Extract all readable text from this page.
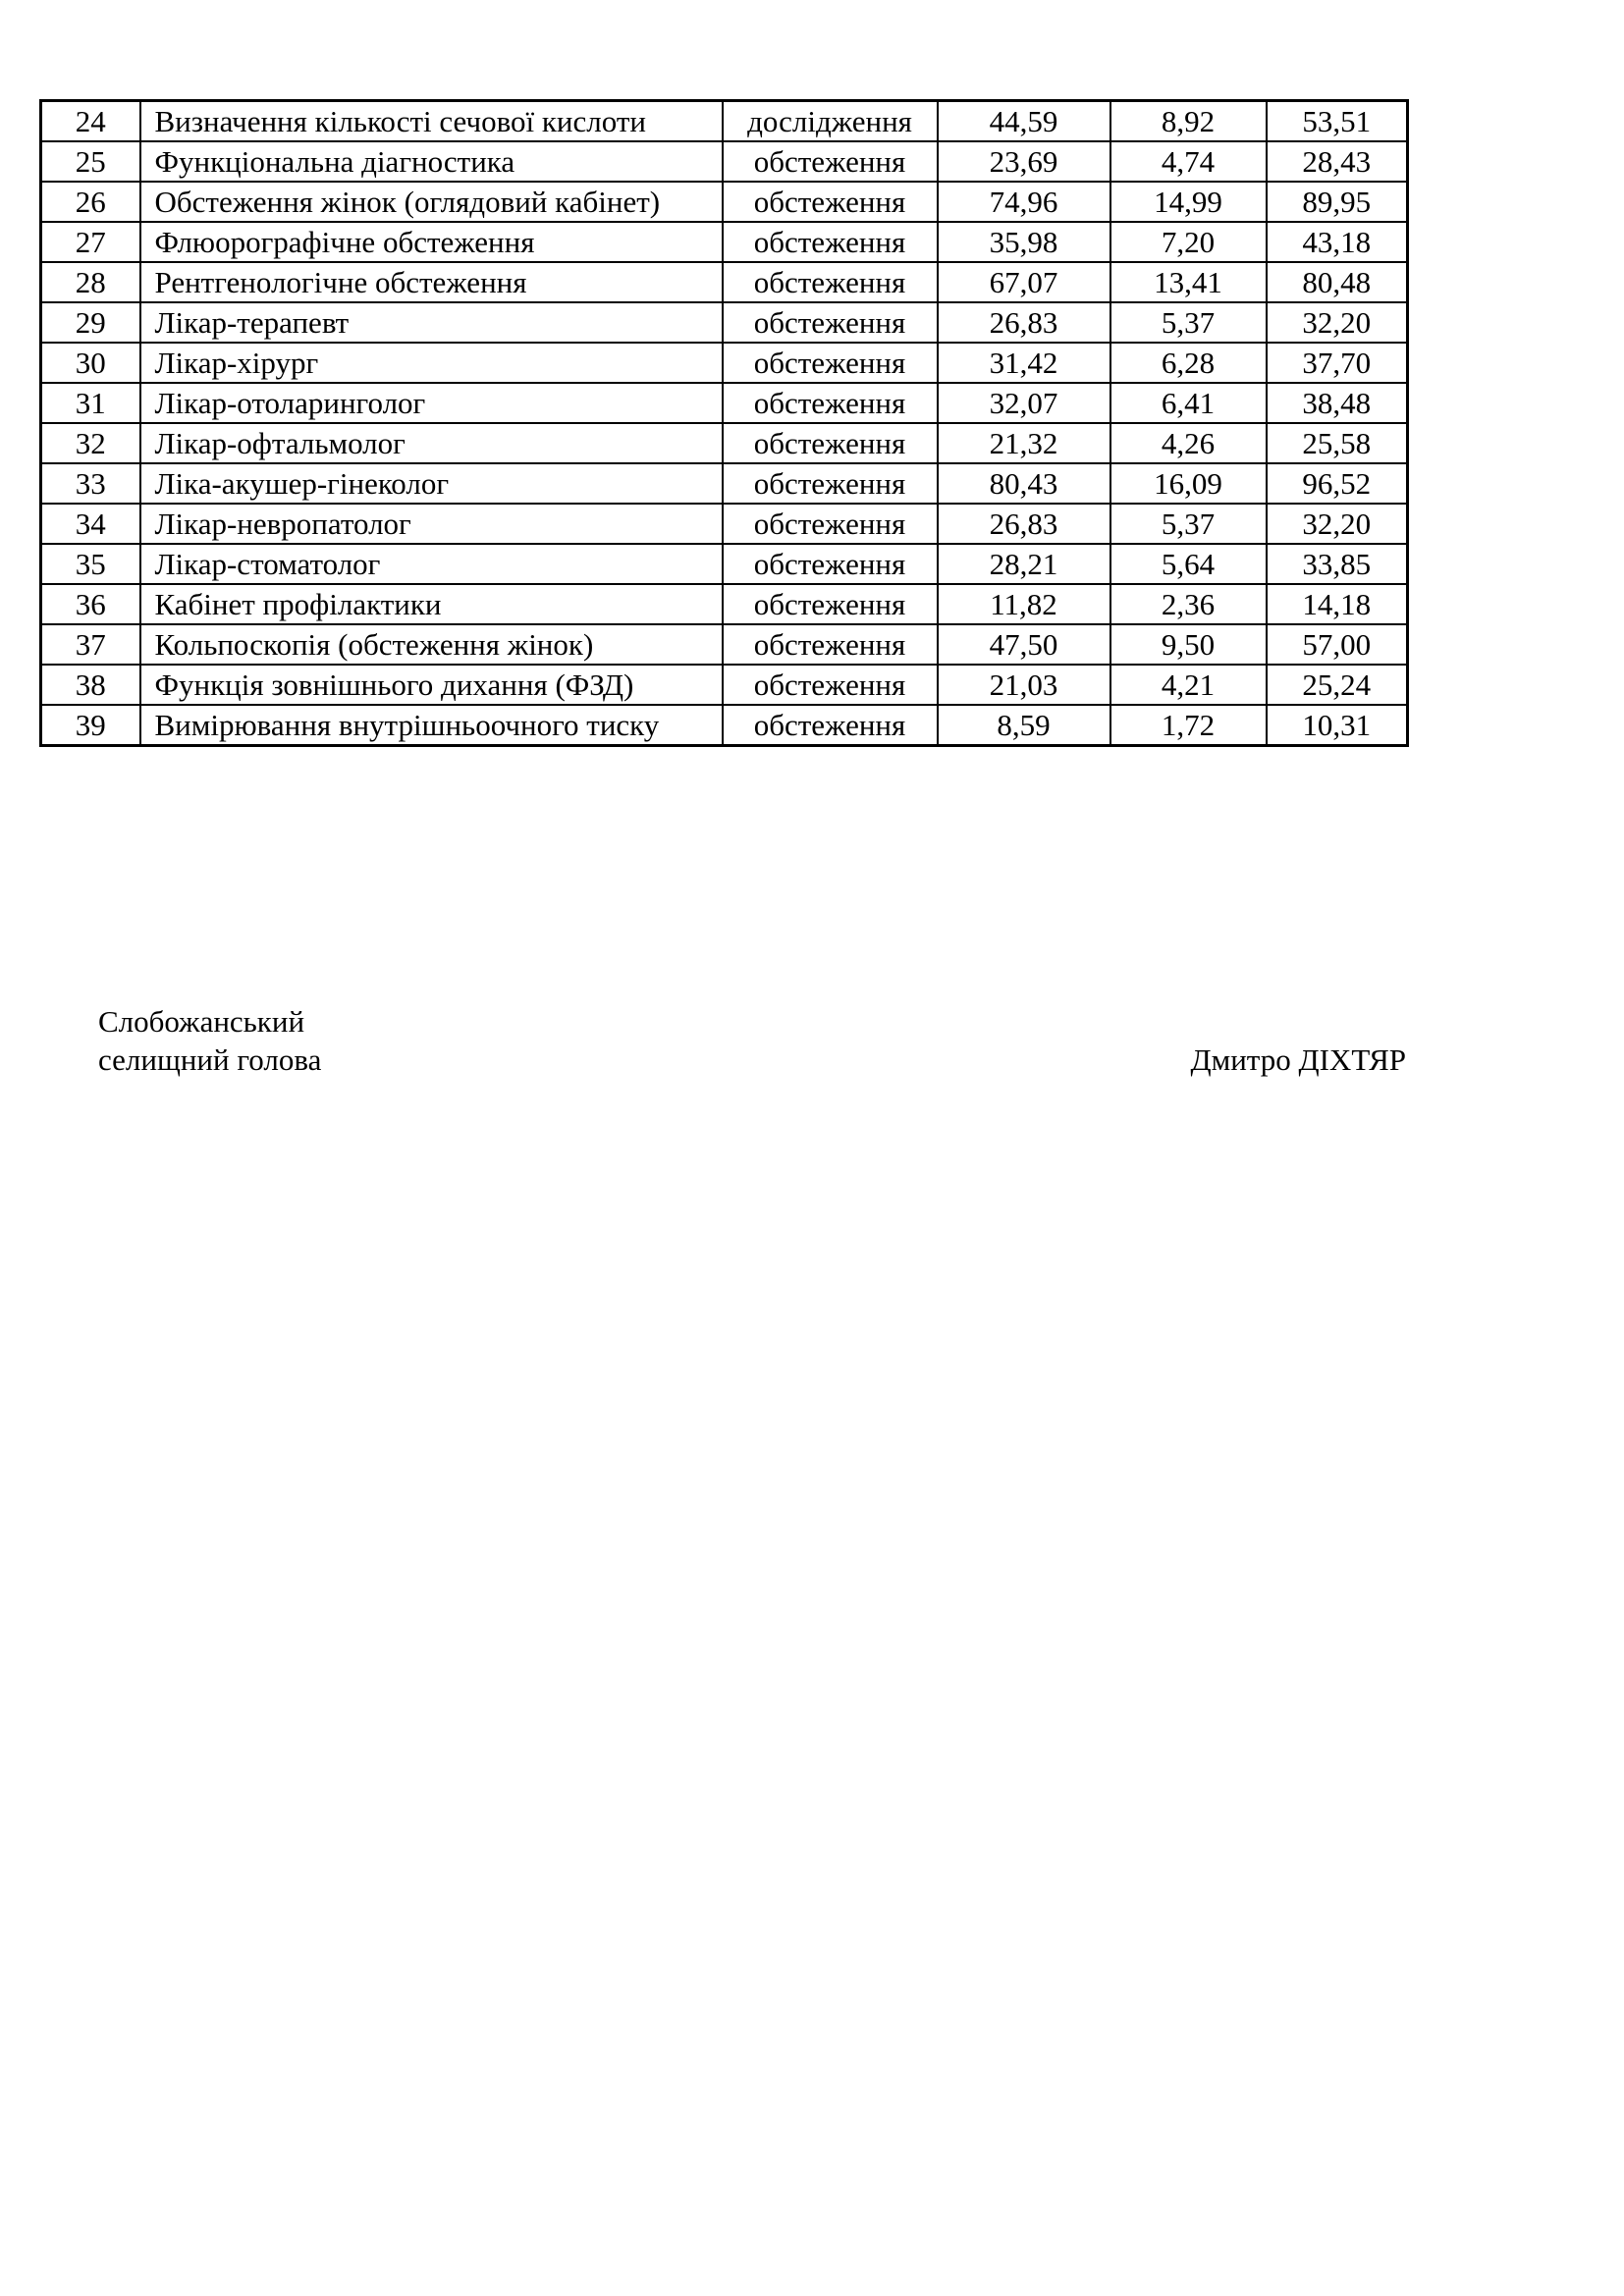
24	Визначення кількості сечової кислоти	дослідження	44,59	8,92	53,51
25	Функціональна діагностика	обстеження	23,69	4,74	28,43
26	Обстеження жінок (оглядовий кабінет)	обстеження	74,96	14,99	89,95
27	Флюорографічне обстеження	обстеження	35,98	7,20	43,18
28	Рентгенологічне обстеження	обстеження	67,07	13,41	80,48
29	Лікар-терапевт	обстеження	26,83	5,37	32,20
30	Лікар-хірург	обстеження	31,42	6,28	37,70
31	Лікар-отоларинголог	обстеження	32,07	6,41	38,48
32	Лікар-офтальмолог	обстеження	21,32	4,26	25,58
33	Ліка-акушер-гінеколог	обстеження	80,43	16,09	96,52
34	Лікар-невропатолог	обстеження	26,83	5,37	32,20
35	Лікар-стоматолог	обстеження	28,21	5,64	33,85
36	Кабінет профілактики	обстеження	11,82	2,36	14,18
37	Кольпоскопія (обстеження жінок)	обстеження	47,50	9,50	57,00
38	Функція зовнішнього дихання (ФЗД)	обстеження	21,03	4,21	25,24
39	Вимірювання внутрішньоочного тиску	обстеження	8,59	1,72	10,31
Слобожанський
селищний голова	Дмитро ДІХТЯР
